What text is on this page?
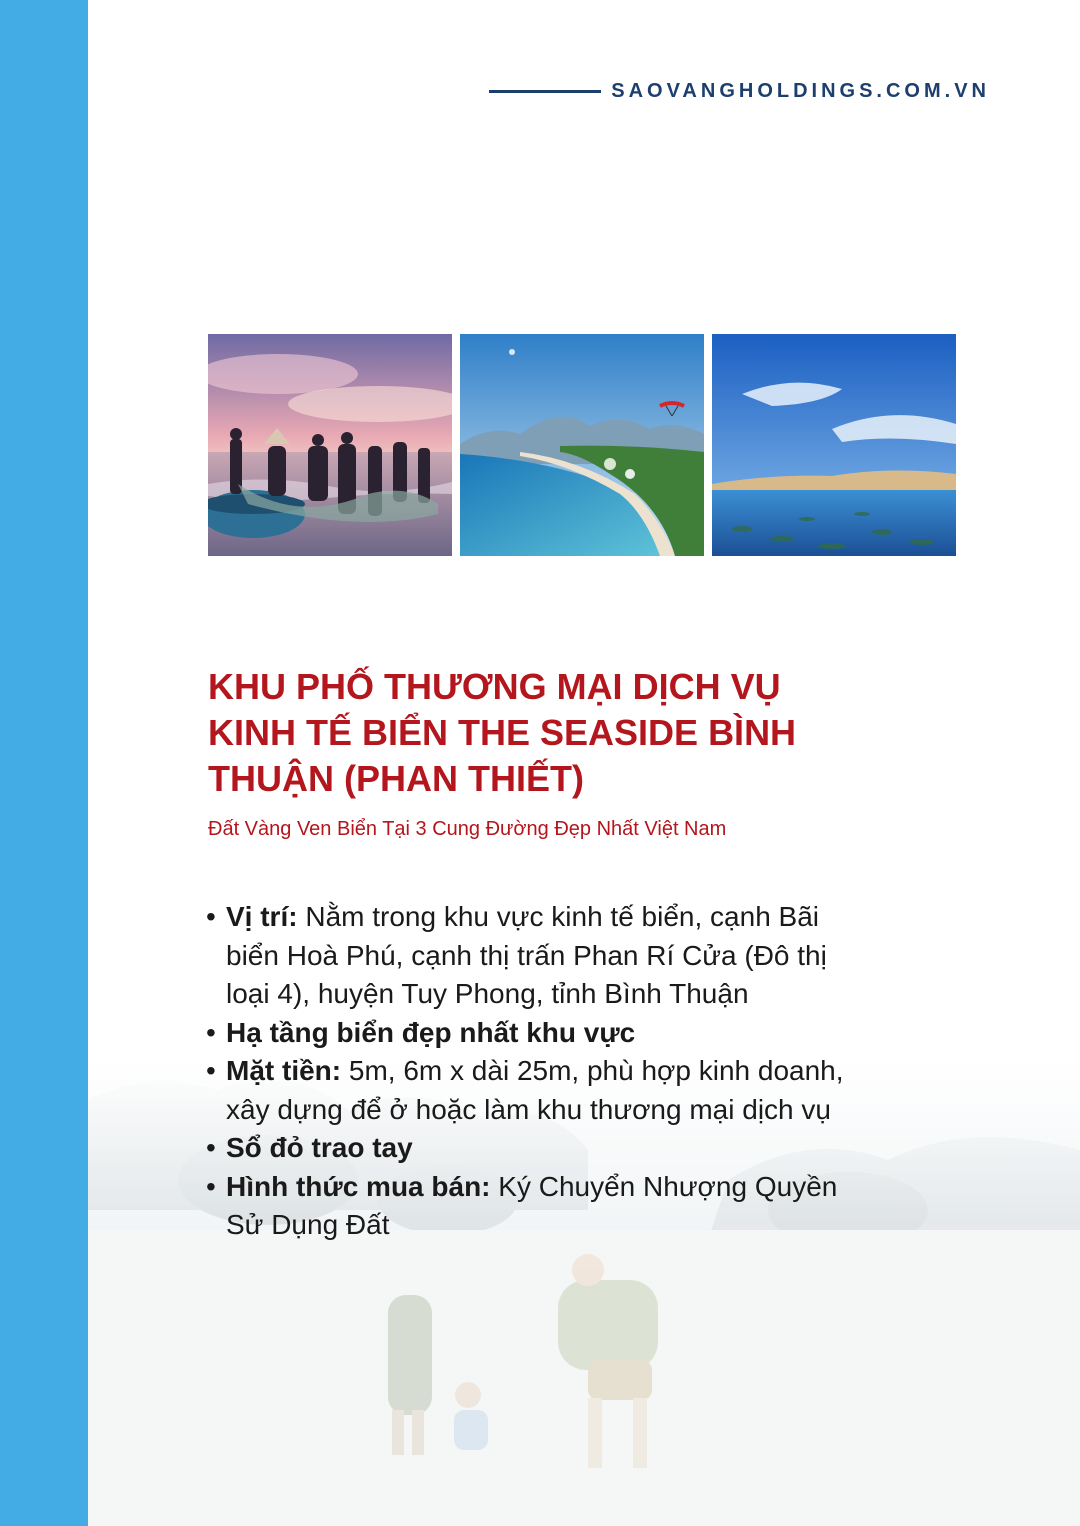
SAOVANGHOLDINGS.COM.VN
KHU PHỐ THƯƠNG MẠI DỊCH VỤ
KINH TẾ BIỂN THE SEASIDE BÌNH
THUẬN (PHAN THIẾT)

Đất Vàng Ven Biển Tại 3 Cung Đường Đẹp Nhất Việt Nam

• Vị trí: Nằm trong khu vực kinh tế biển, cạnh Bãi biển Hoà Phú, cạnh thị trấn Phan Rí Cửa (Đô thị loại 4), huyện Tuy Phong, tỉnh Bình Thuận
• Hạ tầng biển đẹp nhất khu vực
• Mặt tiền: 5m, 6m x dài 25m, phù hợp kinh doanh, xây dựng để ở hoặc làm khu thương mại dịch vụ
• Sổ đỏ trao tay
• Hình thức mua bán: Ký Chuyển Nhượng Quyền Sử Dụng Đất
